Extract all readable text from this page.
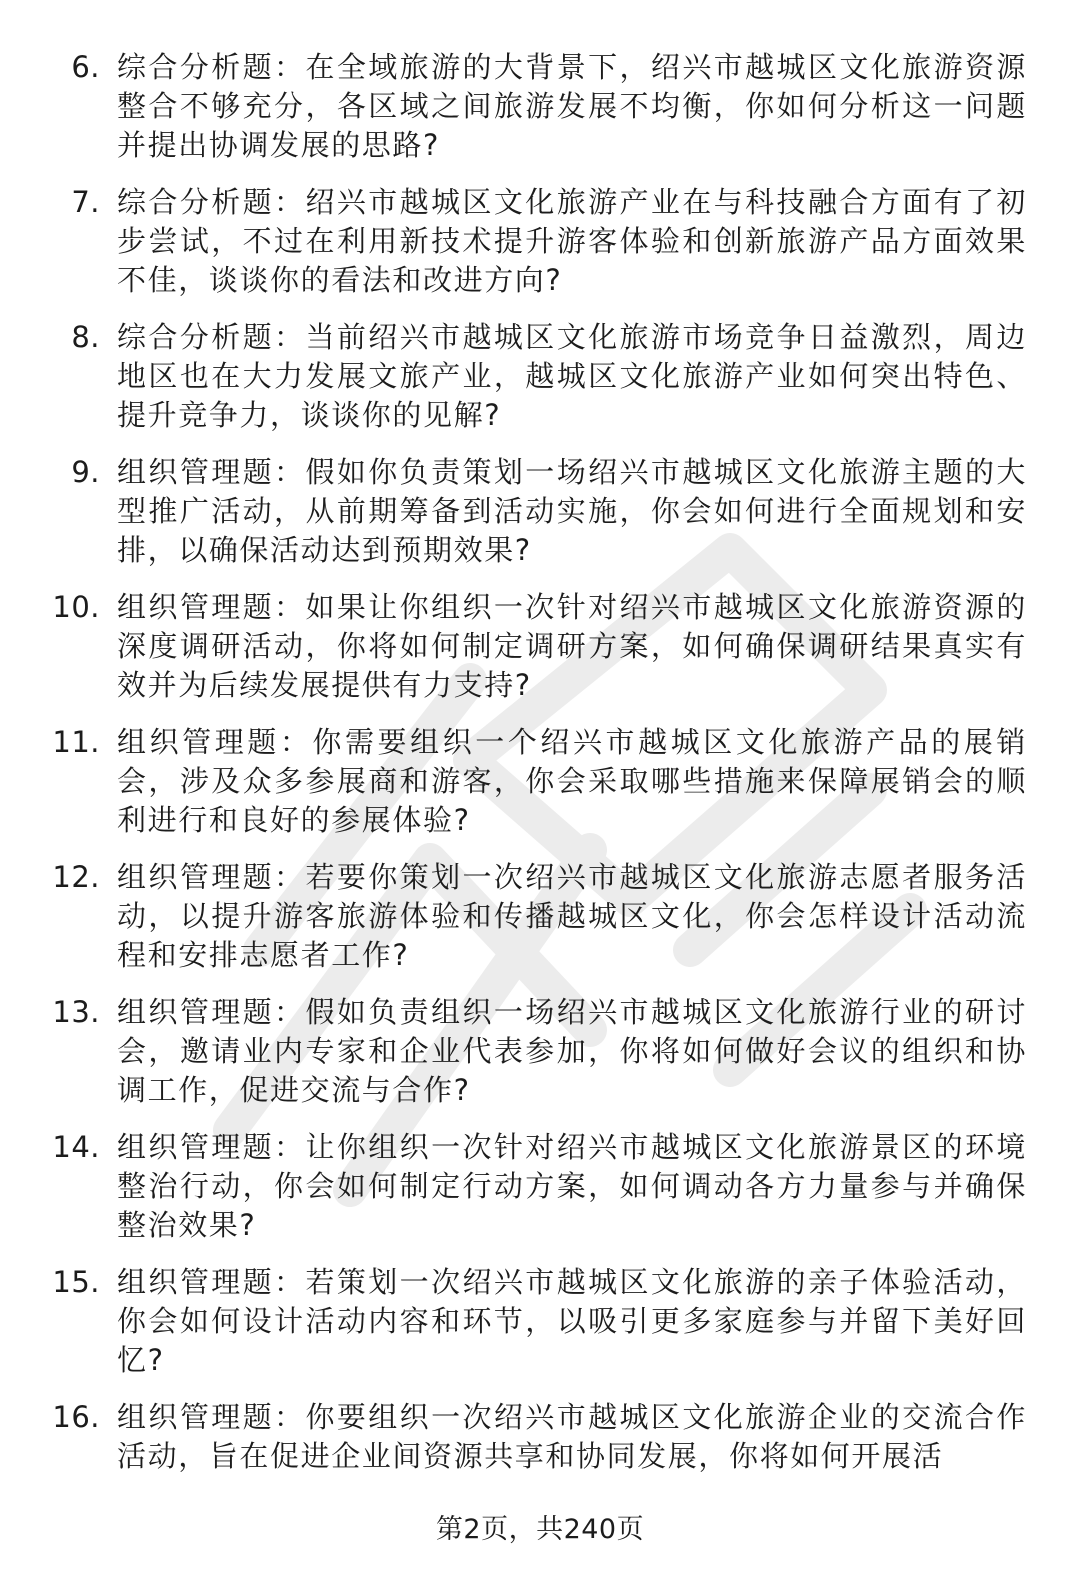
6. 综合分析题：在全域旅游的大背景下，绍兴市越城区文化旅游资源整合不够充分，各区域之间旅游发展不均衡，你如何分析这一问题并提出协调发展的思路?
7. 综合分析题：绍兴市越城区文化旅游产业在与科技融合方面有了初步尝试，不过在利用新技术提升游客体验和创新旅游产品方面效果不佳，谈谈你的看法和改进方向?
8. 综合分析题：当前绍兴市越城区文化旅游市场竞争日益激烈，周边地区也在大力发展文旅产业，越城区文化旅游产业如何突出特色、提升竞争力，谈谈你的见解?
9. 组织管理题：假如你负责策划一场绍兴市越城区文化旅游主题的大型推广活动，从前期筹备到活动实施，你会如何进行全面规划和安排，以确保活动达到预期效果?
10. 组织管理题：如果让你组织一次针对绍兴市越城区文化旅游资源的深度调研活动，你将如何制定调研方案，如何确保调研结果真实有效并为后续发展提供有力支持?
11. 组织管理题：你需要组织一个绍兴市越城区文化旅游产品的展销会，涉及众多参展商和游客，你会采取哪些措施来保障展销会的顺利进行和良好的参展体验?
12. 组织管理题：若要你策划一次绍兴市越城区文化旅游志愿者服务活动，以提升游客旅游体验和传播越城区文化，你会怎样设计活动流程和安排志愿者工作?
13. 组织管理题：假如负责组织一场绍兴市越城区文化旅游行业的研讨会，邀请业内专家和企业代表参加，你将如何做好会议的组织和协调工作，促进交流与合作?
14. 组织管理题：让你组织一次针对绍兴市越城区文化旅游景区的环境整治行动，你会如何制定行动方案，如何调动各方力量参与并确保整治效果?
15. 组织管理题：若策划一次绍兴市越城区文化旅游的亲子体验活动，你会如何设计活动内容和环节，以吸引更多家庭参与并留下美好回忆?
16. 组织管理题：你要组织一次绍兴市越城区文化旅游企业的交流合作活动，旨在促进企业间资源共享和协同发展，你将如何开展活
第2页，共240页
